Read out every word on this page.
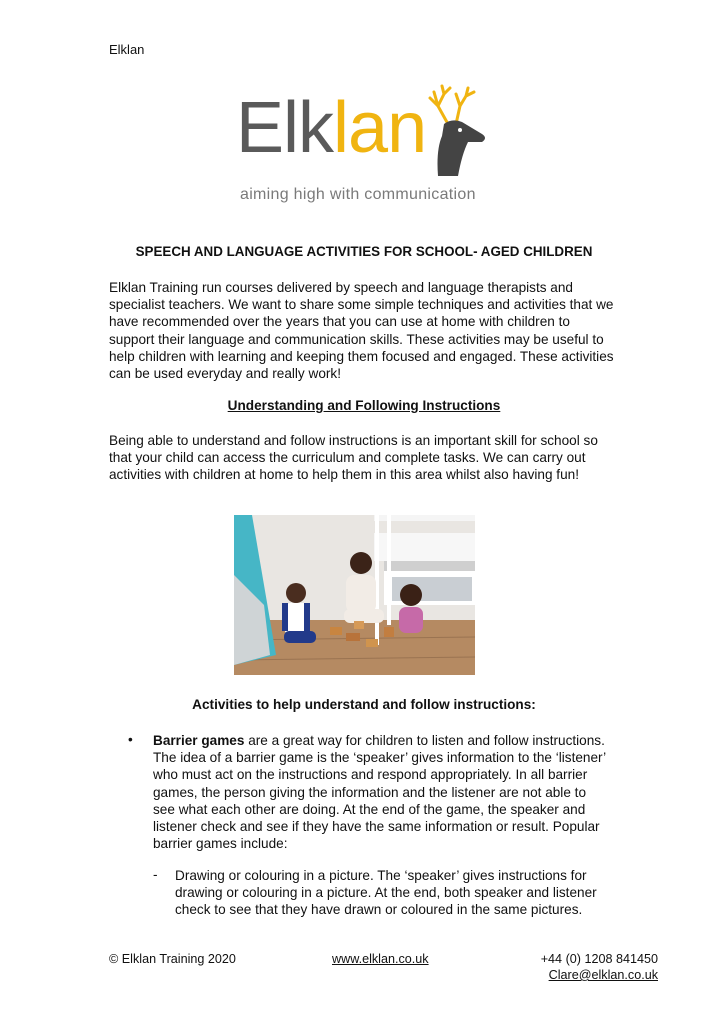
Elklan
Elklan
aiming high with communication
SPEECH AND LANGUAGE ACTIVITIES FOR SCHOOL- AGED CHILDREN
Elklan Training run courses delivered by speech and language therapists and specialist teachers. We want to share some simple techniques and activities that we have recommended over the years that you can use at home with children to support their language and communication skills. These activities may be useful to help children with learning and keeping them focused and engaged. These activities can be used everyday and really work!
Understanding and Following Instructions
Being able to understand and follow instructions is an important skill for school so that your child can access the curriculum and complete tasks. We can carry out activities with children at home to help them in this area whilst also having fun!
Activities to help understand and follow instructions:
• Barrier games are a great way for children to listen and follow instructions. The idea of a barrier game is the ‘speaker’ gives information to the ‘listener’ who must act on the instructions and respond appropriately. In all barrier games, the person giving the information and the listener are not able to see what each other are doing. At the end of the game, the speaker and listener check and see if they have the same information or result. Popular barrier games include:
- Drawing or colouring in a picture. The ‘speaker’ gives instructions for drawing or colouring in a picture. At the end, both speaker and listener check to see that they have drawn or coloured in the same pictures.
© Elklan Training 2020	www.elklan.co.uk	+44 (0) 1208 841450
Clare@elklan.co.uk
